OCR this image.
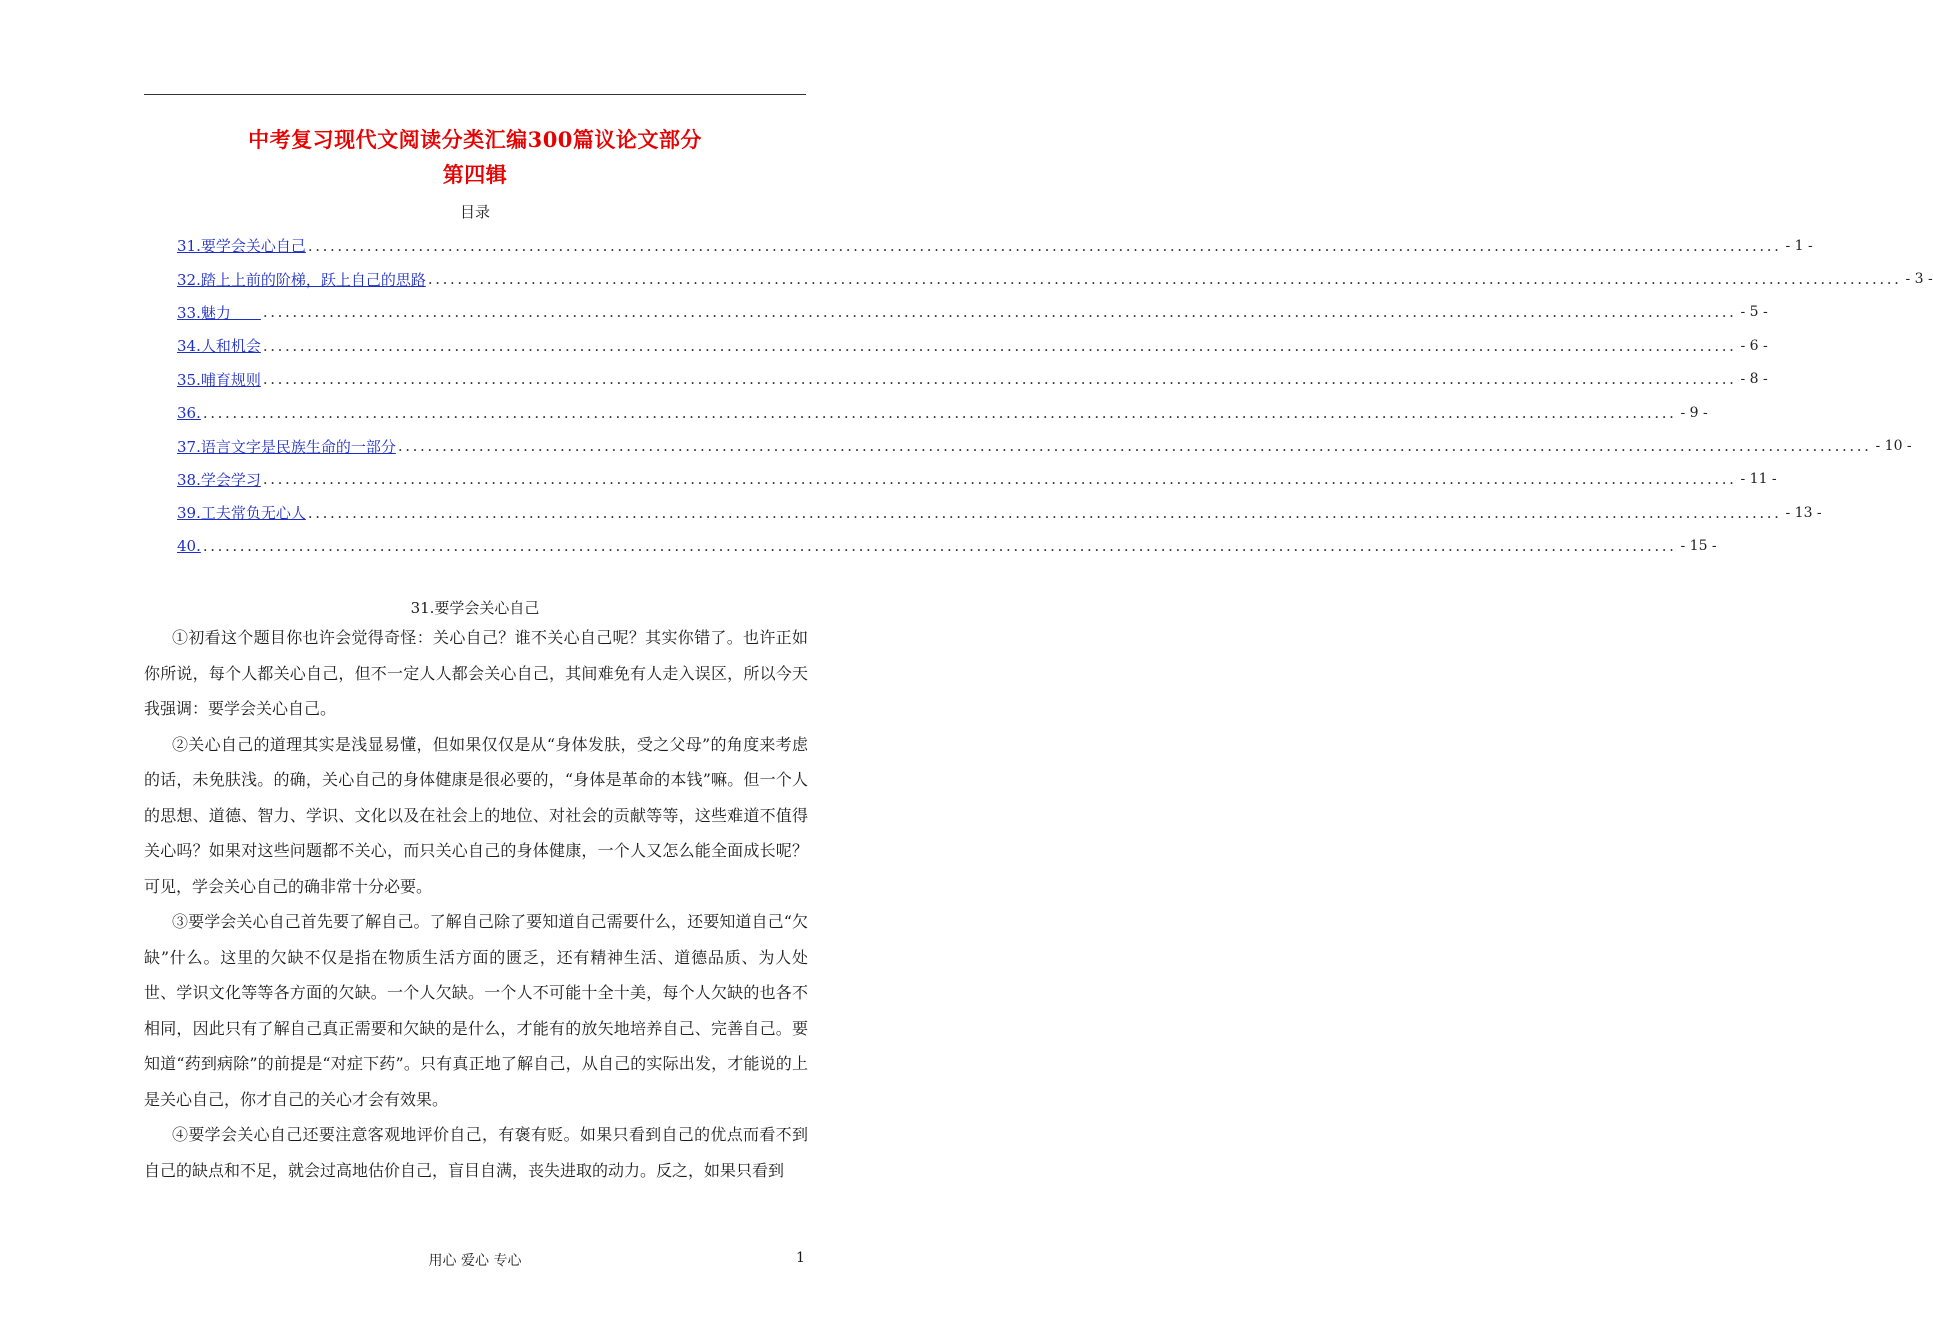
中考复习现代文阅读分类汇编300篇议论文部分
第四辑
目录
31.要学会关心自己 ........................................................................................................................................................................................................ - 1 -
32.踏上上前的阶梯，跃上自己的思路 ........................................................................................................................................................................................................ - 3 -
33.魅力　　 ........................................................................................................................................................................................................ - 5 -
34.人和机会 ........................................................................................................................................................................................................ - 6 -
35.哺育规则 ........................................................................................................................................................................................................ - 8 -
36. ........................................................................................................................................................................................................ - 9 -
37.语言文字是民族生命的一部分 ........................................................................................................................................................................................................ - 10 -
38.学会学习 ........................................................................................................................................................................................................ - 11 -
39.工夫常负无心人 ........................................................................................................................................................................................................ - 13 -
40. ........................................................................................................................................................................................................ - 15 -
31.要学会关心自己

①初看这个题目你也许会觉得奇怪：关心自己？谁不关心自己呢？其实你错了。也许正如你所说，每个人都关心自己，但不一定人人都会关心自己，其间难免有人走入误区，所以今天我强调：要学会关心自己。

②关心自己的道理其实是浅显易懂，但如果仅仅是从“身体发肤，受之父母”的角度来考虑的话，未免肤浅。的确，关心自己的身体健康是很必要的，“身体是革命的本钱”嘛。但一个人的思想、道德、智力、学识、文化以及在社会上的地位、对社会的贡献等等，这些难道不值得关心吗？如果对这些问题都不关心，而只关心自己的身体健康，一个人又怎么能全面成长呢？可见，学会关心自己的确非常十分必要。

③要学会关心自己首先要了解自己。了解自己除了要知道自己需要什么，还要知道自己“欠缺”什么。这里的欠缺不仅是指在物质生活方面的匮乏，还有精神生活、道德品质、为人处世、学识文化等等各方面的欠缺。一个人欠缺。一个人不可能十全十美，每个人欠缺的也各不相同，因此只有了解自己真正需要和欠缺的是什么，才能有的放矢地培养自己、完善自己。要知道“药到病除”的前提是“对症下药”。只有真正地了解自己，从自己的实际出发，才能说的上是关心自己，你才自己的关心才会有效果。

④要学会关心自己还要注意客观地评价自己，有褒有贬。如果只看到自己的优点而看不到自己的缺点和不足，就会过高地估价自己，盲目自满，丧失进取的动力。反之，如果只看到

用心 爱心 专心	1
